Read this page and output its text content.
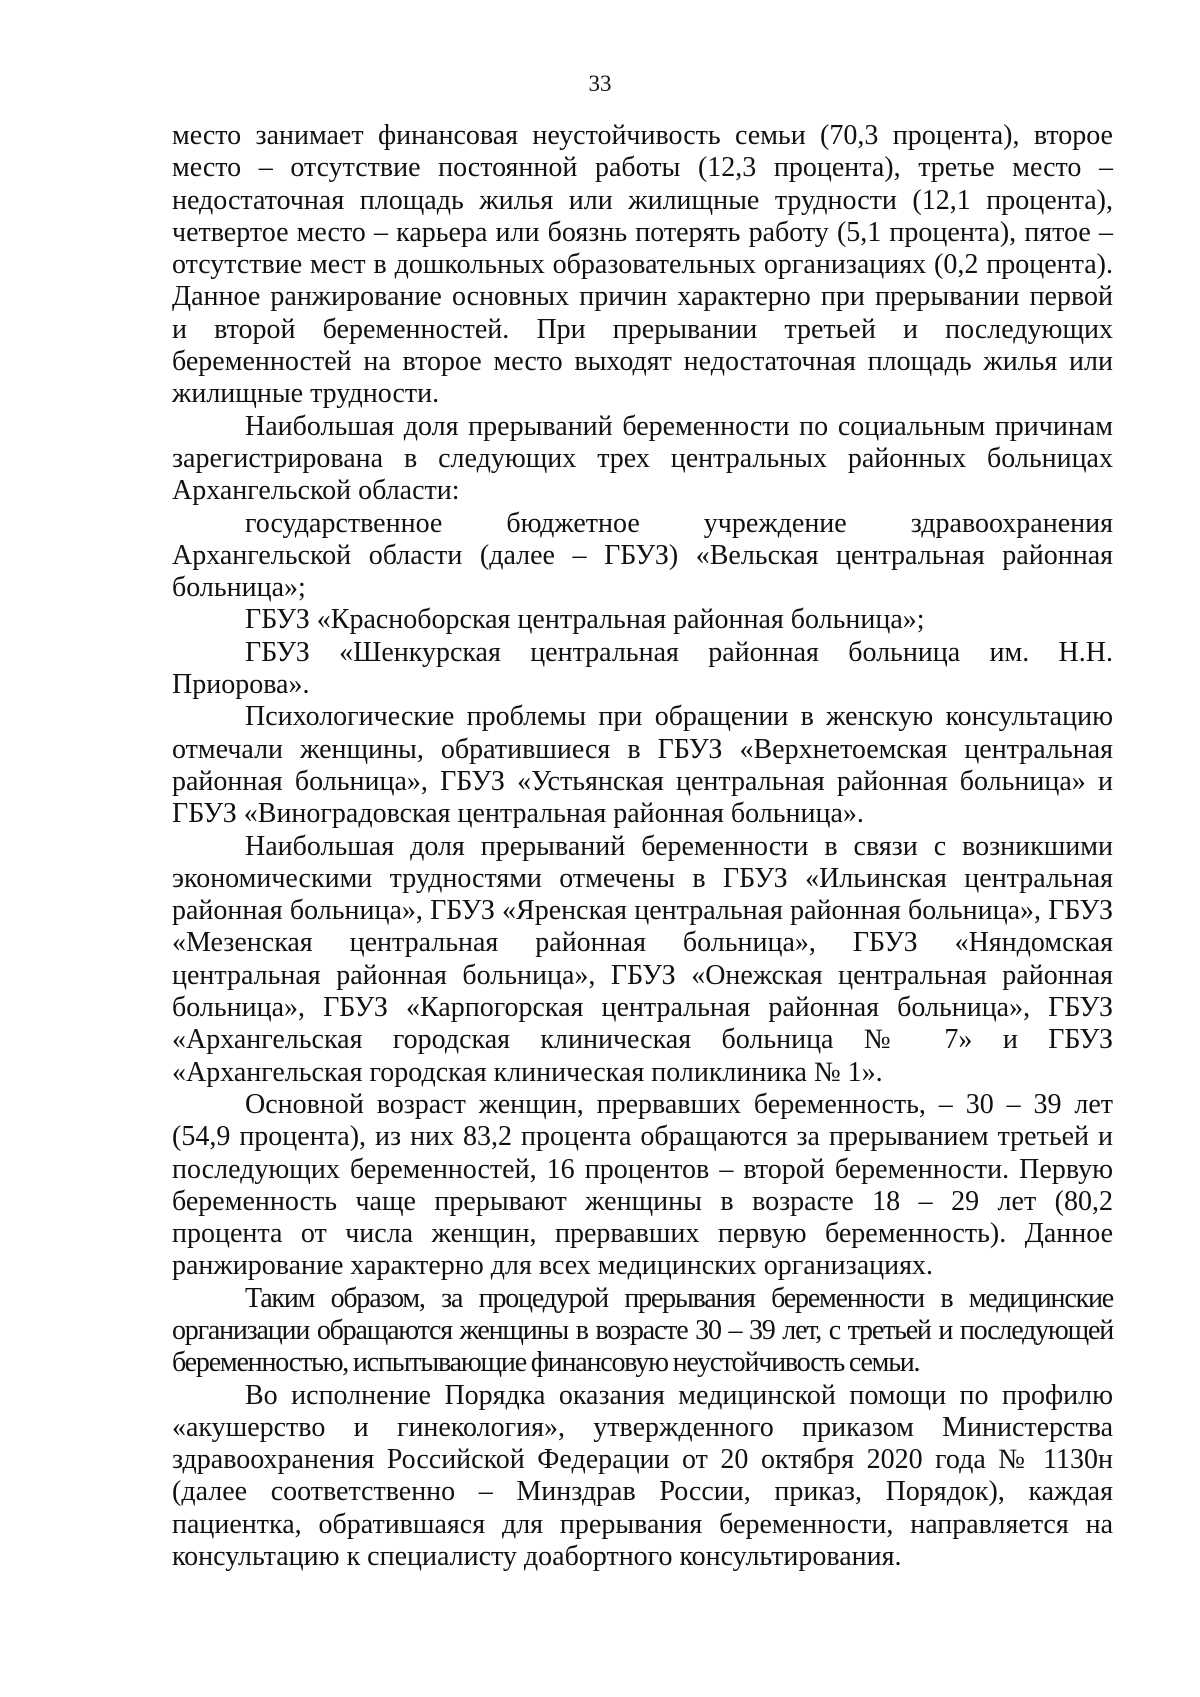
33

место занимает финансовая неустойчивость семьи (70,3 процента), второе место – отсутствие постоянной работы (12,3 процента), третье место – недостаточная площадь жилья или жилищные трудности (12,1 процента), четвертое место – карьера или боязнь потерять работу (5,1 процента), пятое – отсутствие мест в дошкольных образовательных организациях (0,2 процента). Данное ранжирование основных причин характерно при прерывании первой и второй беременностей. При прерывании третьей и последующих беременностей на второе место выходят недостаточная площадь жилья или жилищные трудности.

Наибольшая доля прерываний беременности по социальным причинам зарегистрирована в следующих трех центральных районных больницах Архангельской области:

государственное бюджетное учреждение здравоохранения Архангельской области (далее – ГБУЗ) «Вельская центральная районная больница»;

ГБУЗ «Красноборская центральная районная больница»;

ГБУЗ «Шенкурская центральная районная больница им. Н.Н. Приорова».

Психологические проблемы при обращении в женскую консультацию отмечали женщины, обратившиеся в ГБУЗ «Верхнетоемская центральная районная больница», ГБУЗ «Устьянская центральная районная больница» и ГБУЗ «Виноградовская центральная районная больница».

Наибольшая доля прерываний беременности в связи с возникшими экономическими трудностями отмечены в ГБУЗ «Ильинская центральная районная больница», ГБУЗ «Яренская центральная районная больница», ГБУЗ «Мезенская центральная районная больница», ГБУЗ «Няндомская центральная районная больница», ГБУЗ «Онежская центральная районная больница», ГБУЗ «Карпогорская центральная районная больница», ГБУЗ «Архангельская городская клиническая больница № 7» и ГБУЗ «Архангельская городская клиническая поликлиника № 1».

Основной возраст женщин, прервавших беременность, – 30 – 39 лет (54,9 процента), из них 83,2 процента обращаются за прерыванием третьей и последующих беременностей, 16 процентов – второй беременности. Первую беременность чаще прерывают женщины в возрасте 18 – 29 лет (80,2 процента от числа женщин, прервавших первую беременность). Данное ранжирование характерно для всех медицинских организациях.

Таким образом, за процедурой прерывания беременности в медицинские организации обращаются женщины в возрасте 30 – 39 лет, с третьей и последующей беременностью, испытывающие финансовую неустойчивость семьи.

Во исполнение Порядка оказания медицинской помощи по профилю «акушерство и гинекология», утвержденного приказом Министерства здравоохранения Российской Федерации от 20 октября 2020 года № 1130н (далее соответственно – Минздрав России, приказ, Порядок), каждая пациентка, обратившаяся для прерывания беременности, направляется на консультацию к специалисту доабортного консультирования.
